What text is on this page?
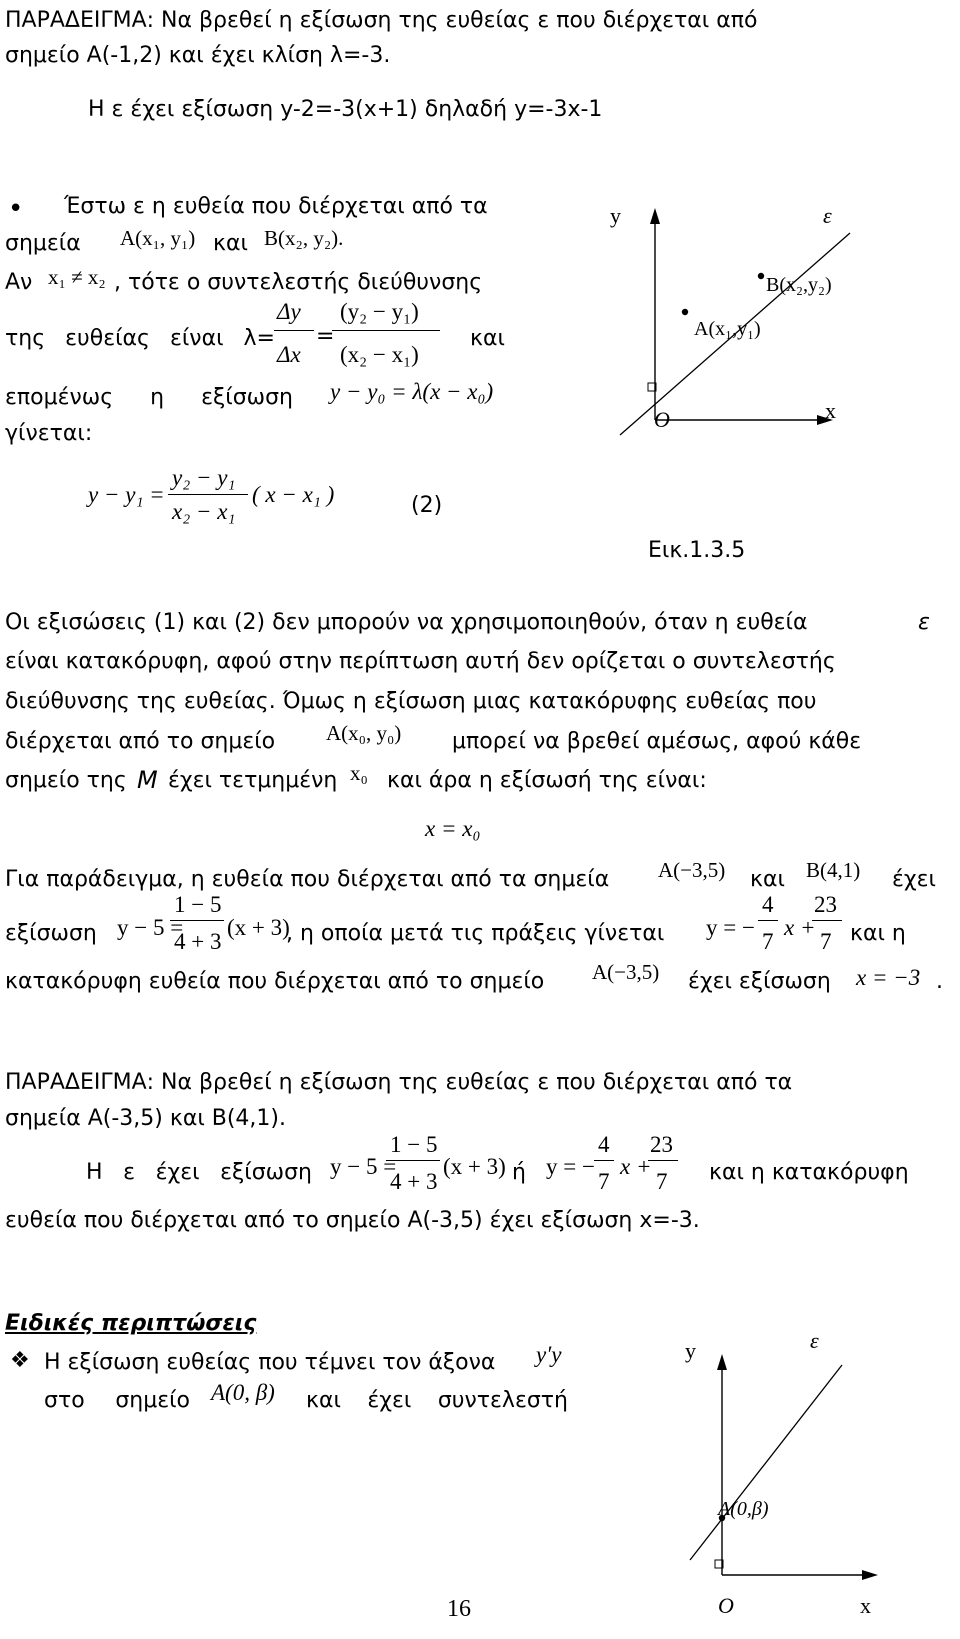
ΠΑΡΑΔΕΙΓΜΑ: Να βρεθεί η εξίσωση της ευθείας ε που διέρχεται από
σημείο Α(-1,2) και έχει κλίση λ=-3.
Η ε έχει εξίσωση y-2=-3(x+1) δηλαδή y=-3x-1
• Έστω ε η ευθεία που διέρχεται από τα
σημεία A(x₁, y₁) και B(x₂, y₂).
Αν x₁ ≠ x₂ , τότε ο συντελεστής διεύθυνσης
της ευθείας είναι λ=
Δy
Δx
=
(y₂ − y₁)
(x₂ − x₁)
και
επομένως η εξίσωση y − y₀ = λ(x − x₀)
γίνεται:
y − y₁ =
y₂ − y₁
x₂ − x₁
( x − x₁ )	(2)
y	ε
B(x₂,y₂)
A(x₁,y₁)
O	x
Εικ.1.3.5
Οι εξισώσεις (1) και (2) δεν μπορούν να χρησιμοποιηθούν, όταν η ευθεία	ε
είναι κατακόρυφη, αφού στην περίπτωση αυτή δεν ορίζεται ο συντελεστής
διεύθυνσης της ευθείας. Όμως η εξίσωση μιας κατακόρυφης ευθείας που
διέρχεται από το σημείο A(x₀, y₀) μπορεί να βρεθεί αμέσως, αφού κάθε
σημείο της Μ έχει τετμημένη x₀ και άρα η εξίσωσή της είναι:
x = x₀
Για παράδειγμα, η ευθεία που διέρχεται από τα σημεία A(−3,5) και B(4,1) έχει
εξίσωση y − 5 =
1 − 5
4 + 3
(x + 3)
, η οποία μετά τις πράξεις γίνεται y = −
4
7
x +
23
7 και η
κατακόρυφη ευθεία που διέρχεται από το σημείο A(−3,5) έχει εξίσωση x = −3 .
ΠΑΡΑΔΕΙΓΜΑ: Να βρεθεί η εξίσωση της ευθείας ε που διέρχεται από τα
σημεία Α(-3,5) και Β(4,1).
Η ε έχει εξίσωση y − 5 =
1 − 5
4 + 3
(x + 3) ή y = −
4
7
x +
23
7 και η κατακόρυφη
ευθεία που διέρχεται από το σημείο Α(-3,5) έχει εξίσωση x=-3.
Ειδικές περιπτώσεις
❖ Η εξίσωση ευθείας που τέμνει τον άξονα y′y
στο σημείο A(0, β) και έχει συντελεστή
y	ε
A(0,β)
O	x
16
